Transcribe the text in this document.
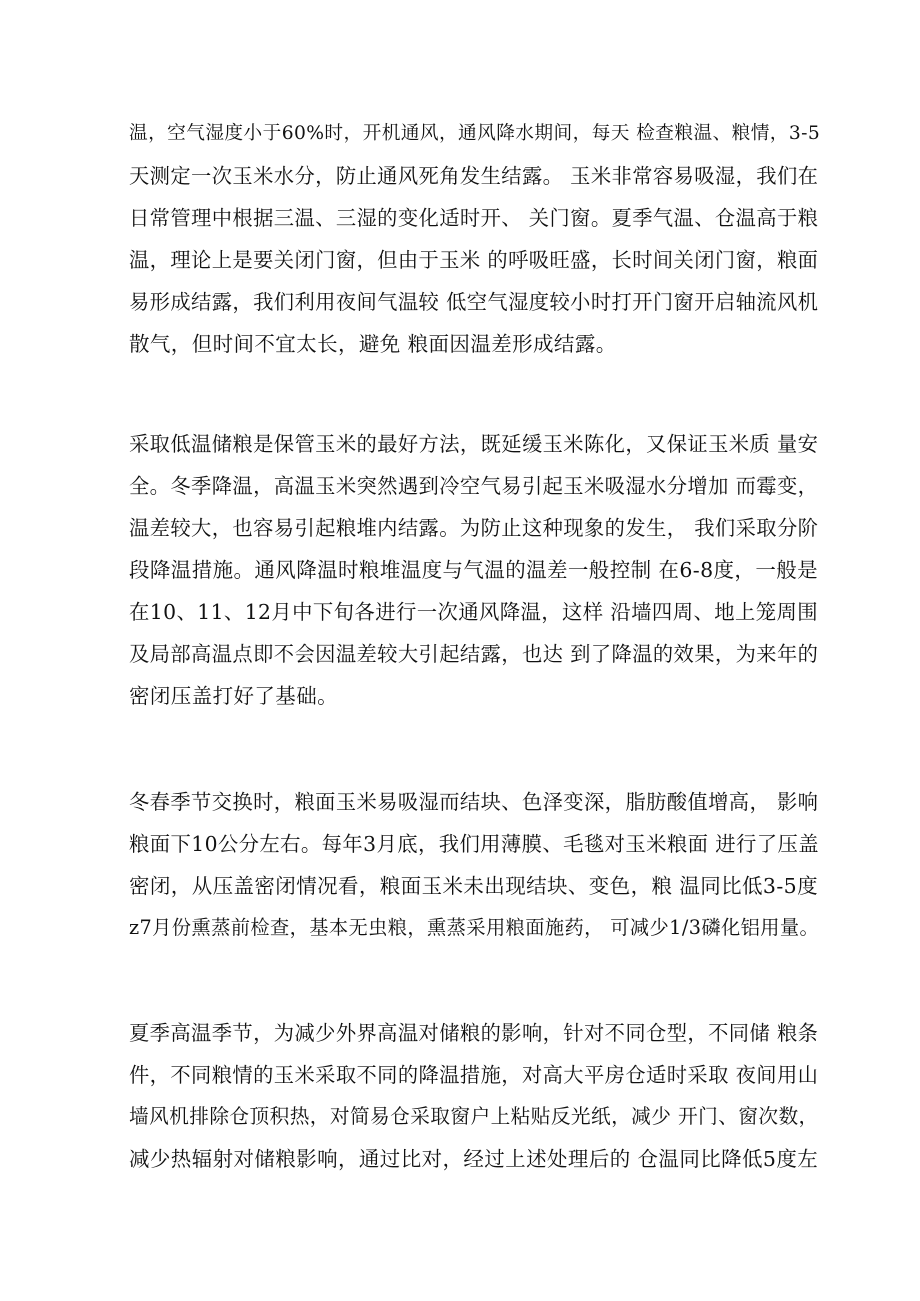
温，空气湿度小于60%时，开机通风，通风降水期间，每天 检查粮温、粮情，3-5
天测定一次玉米水分，防止通风死角发生结露。 玉米非常容易吸湿，我们在
日常管理中根据三温、三湿的变化适时开、 关门窗。夏季气温、仓温高于粮
温，理论上是要关闭门窗，但由于玉米 的呼吸旺盛，长时间关闭门窗，粮面
易形成结露，我们利用夜间气温较 低空气湿度较小时打开门窗开启轴流风机
散气，但时间不宜太长，避免 粮面因温差形成结露。
采取低温储粮是保管玉米的最好方法，既延缓玉米陈化，又保证玉米质 量安
全。冬季降温，高温玉米突然遇到冷空气易引起玉米吸湿水分增加 而霉变，
温差较大，也容易引起粮堆内结露。为防止这种现象的发生， 我们采取分阶
段降温措施。通风降温时粮堆温度与气温的温差一般控制 在6-8度，一般是
在10、11、12月中下旬各进行一次通风降温，这样 沿墙四周、地上笼周围
及局部高温点即不会因温差较大引起结露，也达 到了降温的效果，为来年的
密闭压盖打好了基础。
冬春季节交换时，粮面玉米易吸湿而结块、色泽变深，脂肪酸值增高， 影响
粮面下10公分左右。每年3月底，我们用薄膜、毛毯对玉米粮面 进行了压盖
密闭，从压盖密闭情况看，粮面玉米未出现结块、变色，粮 温同比低3-5度
z7月份熏蒸前检查，基本无虫粮，熏蒸采用粮面施药， 可减少1/3磷化铝用量。
夏季高温季节，为减少外界高温对储粮的影响，针对不同仓型，不同储 粮条
件，不同粮情的玉米采取不同的降温措施，对高大平房仓适时采取 夜间用山
墙风机排除仓顶积热，对简易仓采取窗户上粘贴反光纸，减少 开门、窗次数，
减少热辐射对储粮影响，通过比对，经过上述处理后的 仓温同比降低5度左
